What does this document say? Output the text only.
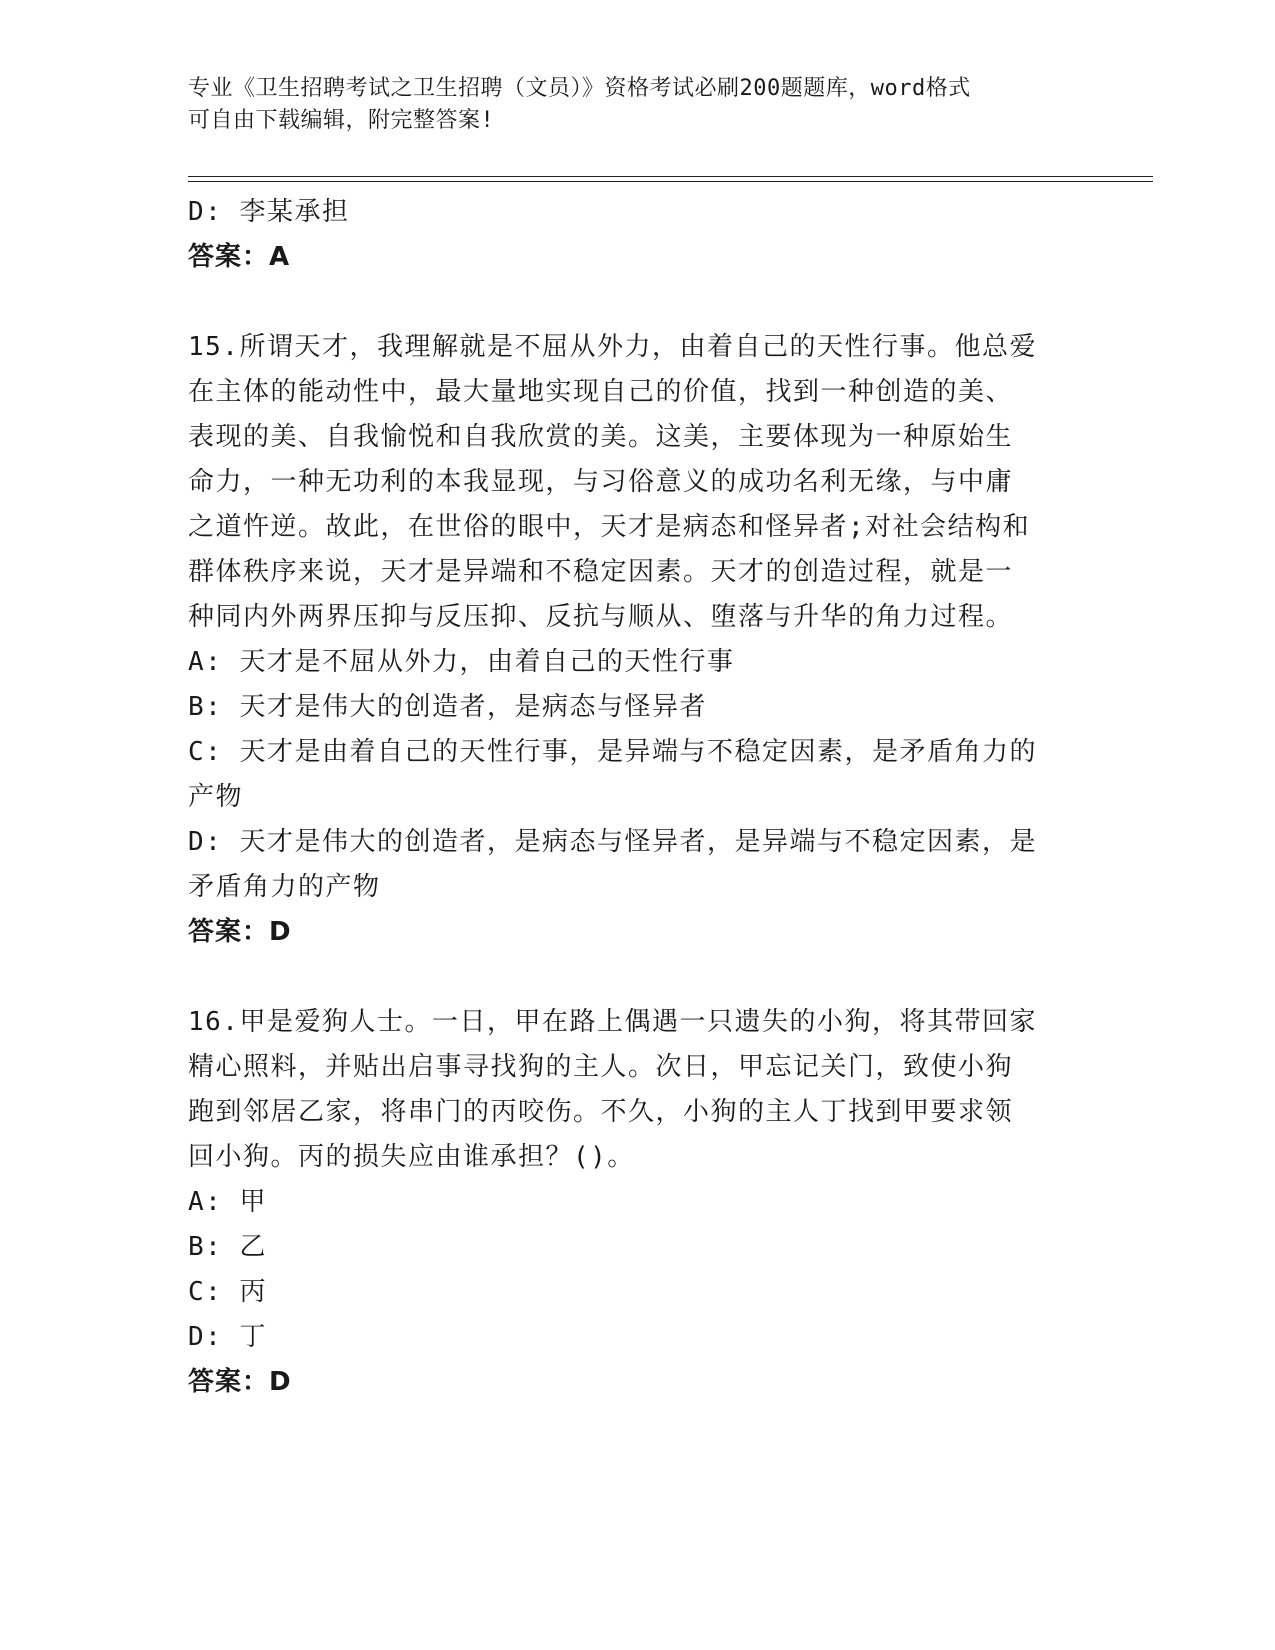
专业《卫生招聘考试之卫生招聘（文员）》资格考试必刷200题题库，word格式
可自由下载编辑，附完整答案!
D: 李某承担
答案：A
15.所谓天才，我理解就是不屈从外力，由着自己的天性行事。他总爱
在主体的能动性中，最大量地实现自己的价值，找到一种创造的美、
表现的美、自我愉悦和自我欣赏的美。这美，主要体现为一种原始生
命力，一种无功利的本我显现，与习俗意义的成功名利无缘，与中庸
之道忤逆。故此，在世俗的眼中，天才是病态和怪异者;对社会结构和
群体秩序来说，天才是异端和不稳定因素。天才的创造过程，就是一
种同内外两界压抑与反压抑、反抗与顺从、堕落与升华的角力过程。
A: 天才是不屈从外力，由着自己的天性行事
B: 天才是伟大的创造者，是病态与怪异者
C: 天才是由着自己的天性行事，是异端与不稳定因素，是矛盾角力的
产物
D: 天才是伟大的创造者，是病态与怪异者，是异端与不稳定因素，是
矛盾角力的产物
答案：D
16.甲是爱狗人士。一日，甲在路上偶遇一只遗失的小狗，将其带回家
精心照料，并贴出启事寻找狗的主人。次日，甲忘记关门，致使小狗
跑到邻居乙家，将串门的丙咬伤。不久，小狗的主人丁找到甲要求领
回小狗。丙的损失应由谁承担？()。
A: 甲
B: 乙
C: 丙
D: 丁
答案：D
